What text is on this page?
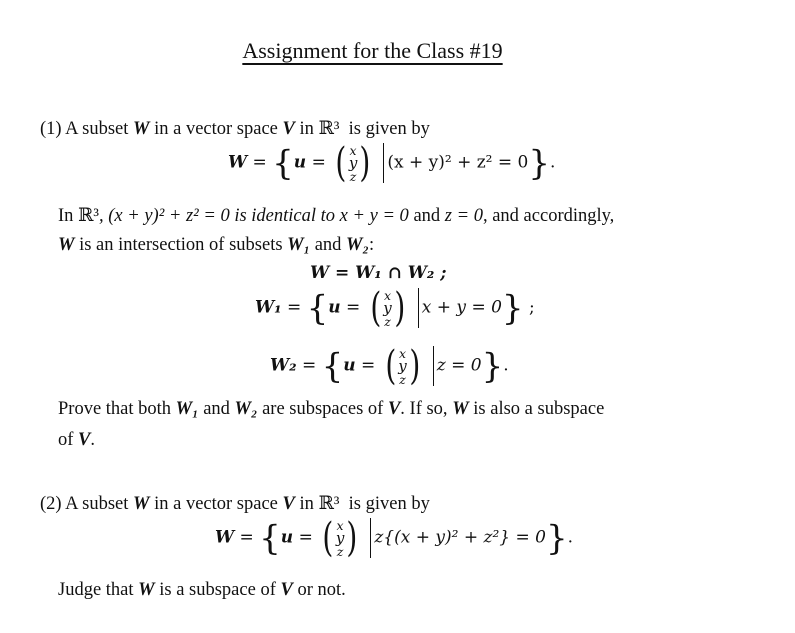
Assignment for the Class #19
(1) A subset W in a vector space V in ℝ³ is given by
W = {u = ( x
y
z ) (x + y)² + z² = 0}.
In ℝ³, (x + y)² + z² = 0 is identical to x + y = 0 and z = 0, and accordingly,
W is an intersection of subsets W₁ and W₂:
W = W₁ ∩ W₂ ;
W₁ = {u = ( x
y
z ) x + y = 0} ;
W₂ = {u = ( x
y
z ) z = 0}.
Prove that both W₁ and W₂ are subspaces of V. If so, W is also a subspace
of V.
(2) A subset W in a vector space V in ℝ³ is given by
W = {u = ( x
y
z ) z{(x + y)² + z²} = 0}.
Judge that W is a subspace of V or not.
